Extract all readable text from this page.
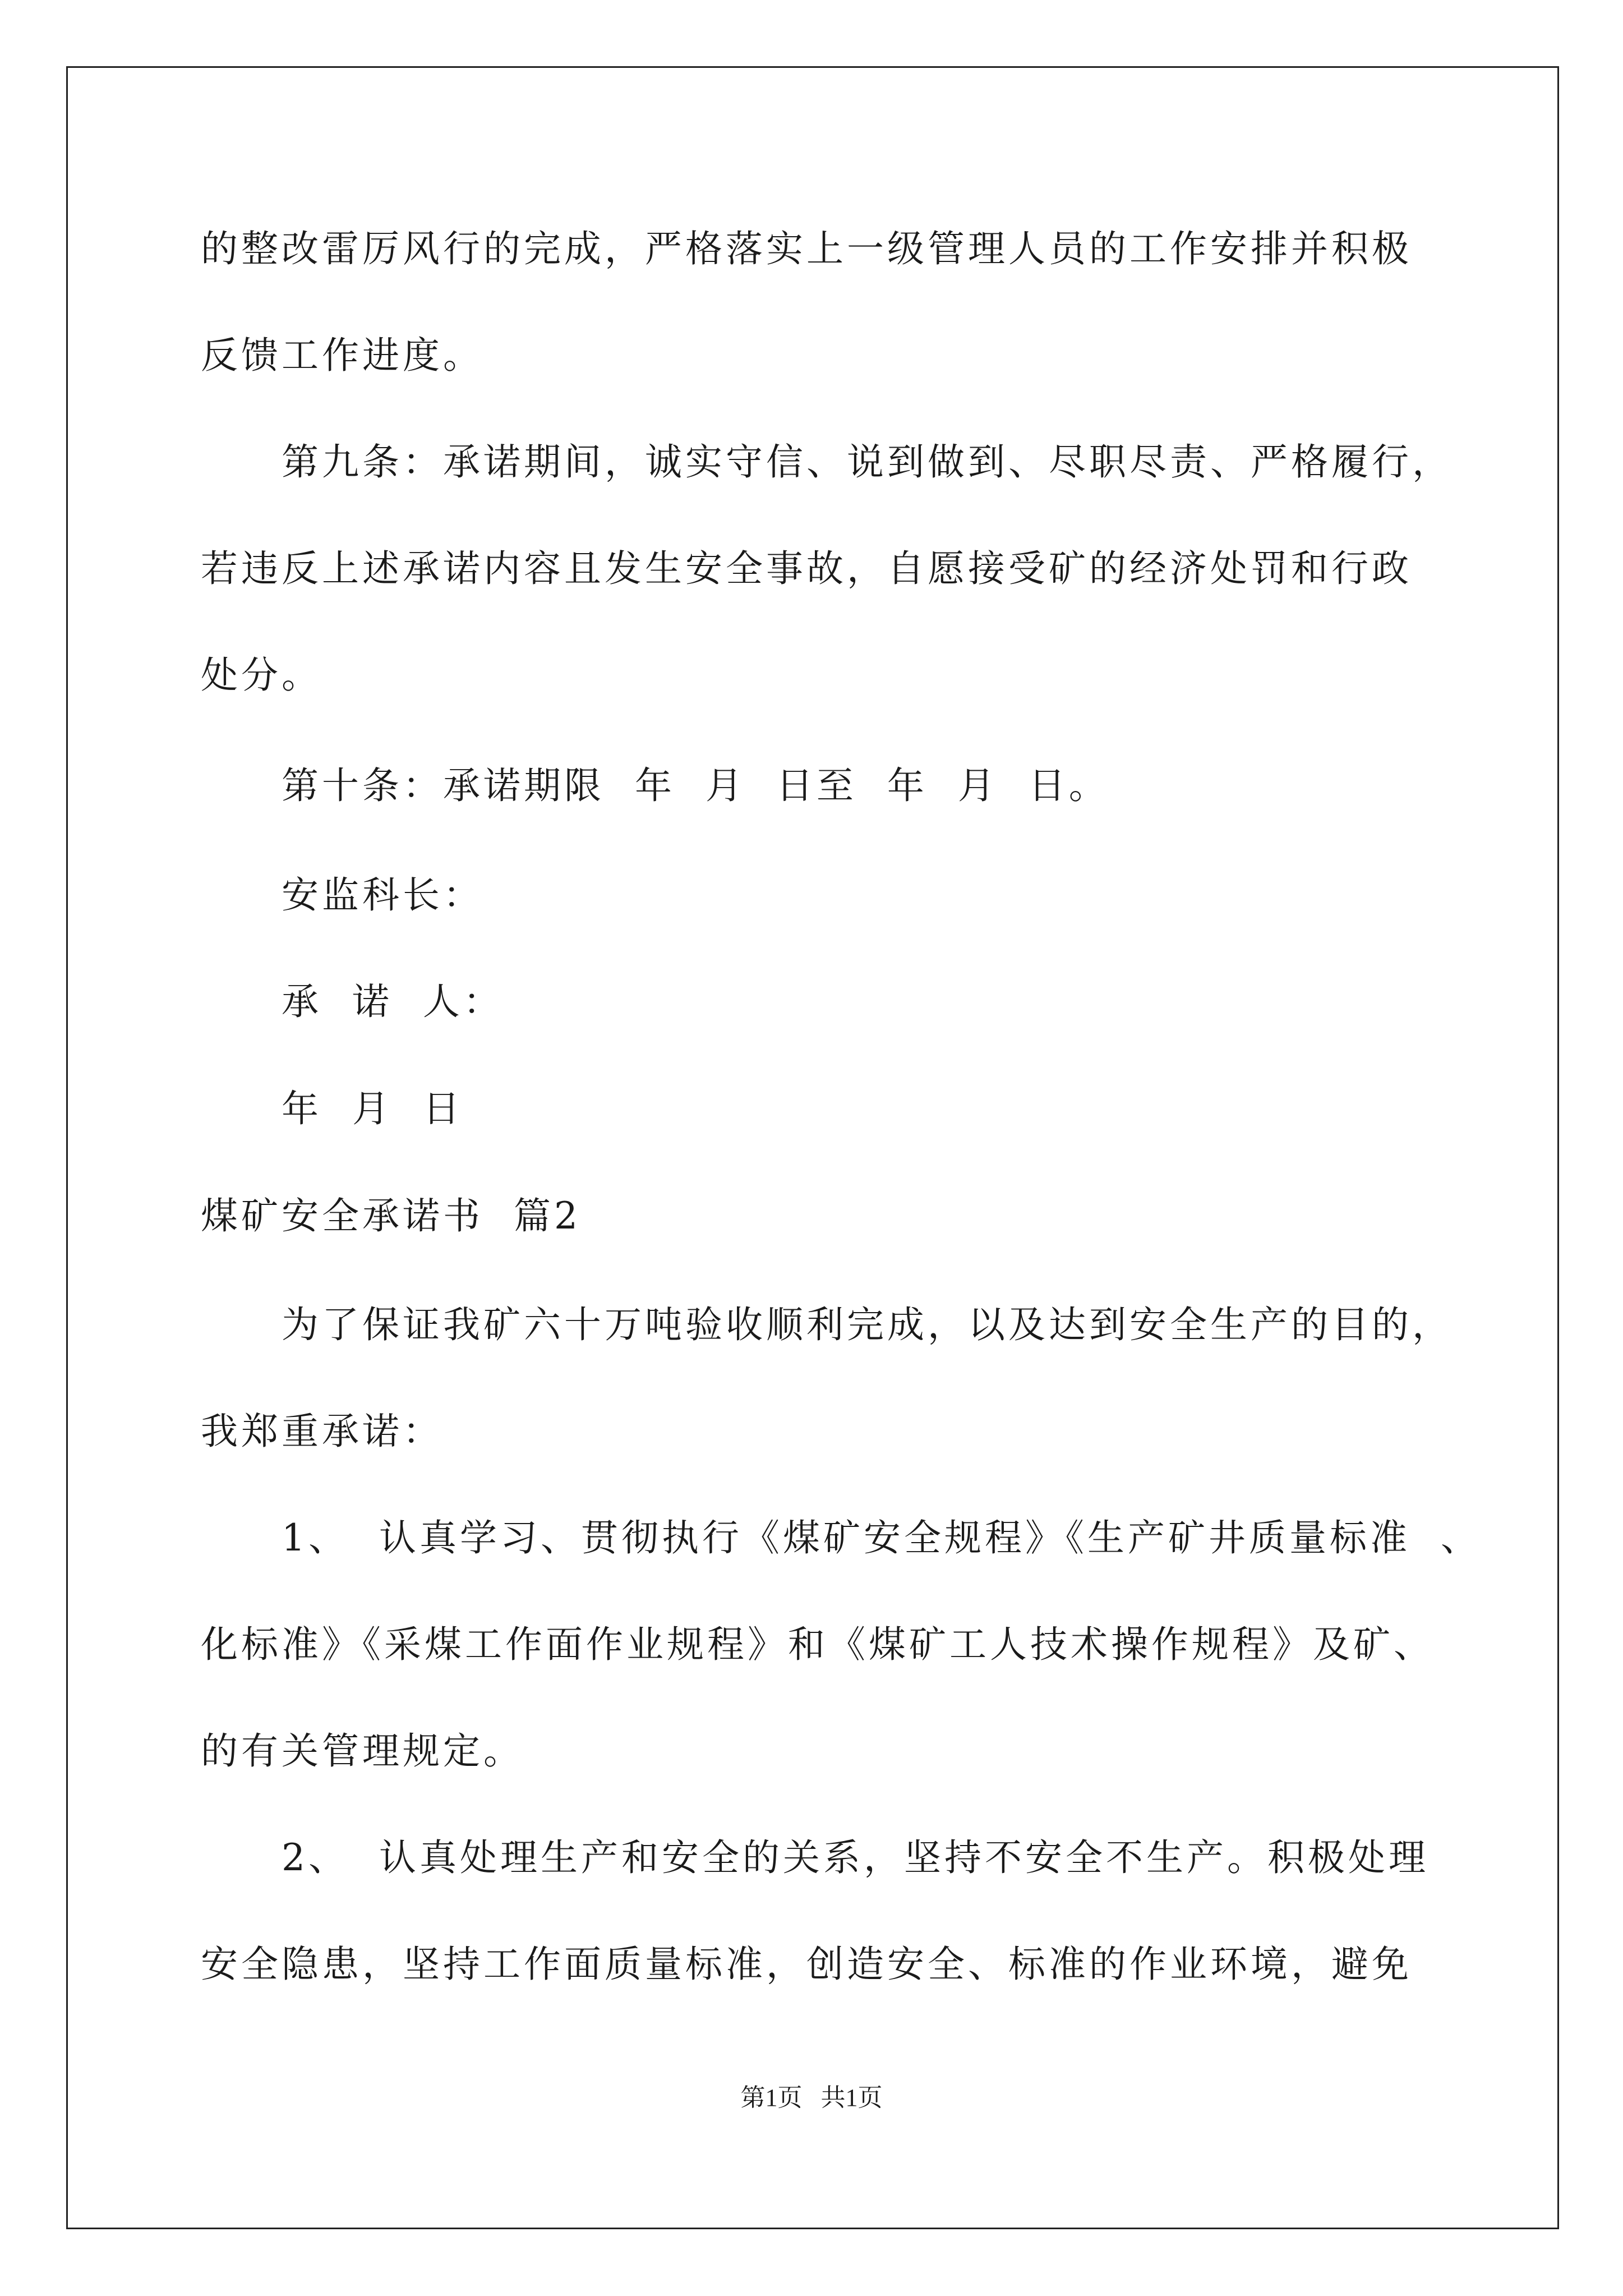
的整改雷厉风行的完成，严格落实上一级管理人员的工作安排并积极
反馈工作进度。
第九条：承诺期间，诚实守信、说到做到、尽职尽责、严格履行，
若违反上述承诺内容且发生安全事故，自愿接受矿的经济处罚和行政
处分。
第十条：承诺期限  年  月  日至  年  月  日。
安监科长：
承  诺  人：
年  月  日
煤矿安全承诺书  篇2
为了保证我矿六十万吨验收顺利完成，以及达到安全生产的目的，
我郑重承诺：
1、  认真学习、贯彻执行《煤矿安全规程》《生产矿井质量标准  、
化标准》《采煤工作面作业规程》和《煤矿工人技术操作规程》及矿、
的有关管理规定。
2、  认真处理生产和安全的关系，坚持不安全不生产。积极处理
安全隐患，坚持工作面质量标准，创造安全、标准的作业环境，避免
第1页   共1页
